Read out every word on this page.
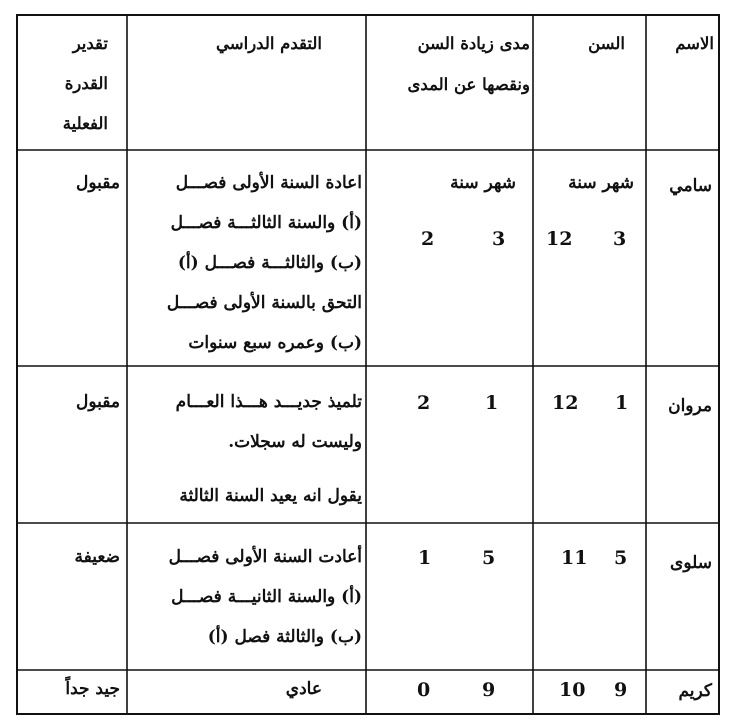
الاسم
السن
مدى زيادة السن
ونقصها عن المدى
التقدم الدراسي
تقدير
القدرة
الفعلية
سامي
شهر سنة
3
12
شهر سنة
3
2
اعادة السنة الأولى فصـــل
(أ) والسنة الثالثـــة فصـــل
(ب) والثالثـــة فصـــل (أ)
التحق بالسنة الأولى فصـــل
(ب) وعمره سبع سنوات
مقبول
مروان
1
12
1
2
تلميذ جديـــد هـــذا العـــام
وليست له سجلات.
يقول انه يعيد السنة الثالثة
مقبول
سلوى
5
11
5
1
أعادت السنة الأولى فصـــل
(أ) والسنة الثانيـــة فصـــل
(ب) والثالثة فصل (أ)
ضعيفة
كريم
9
10
9
0
عادي
جيد جداً
